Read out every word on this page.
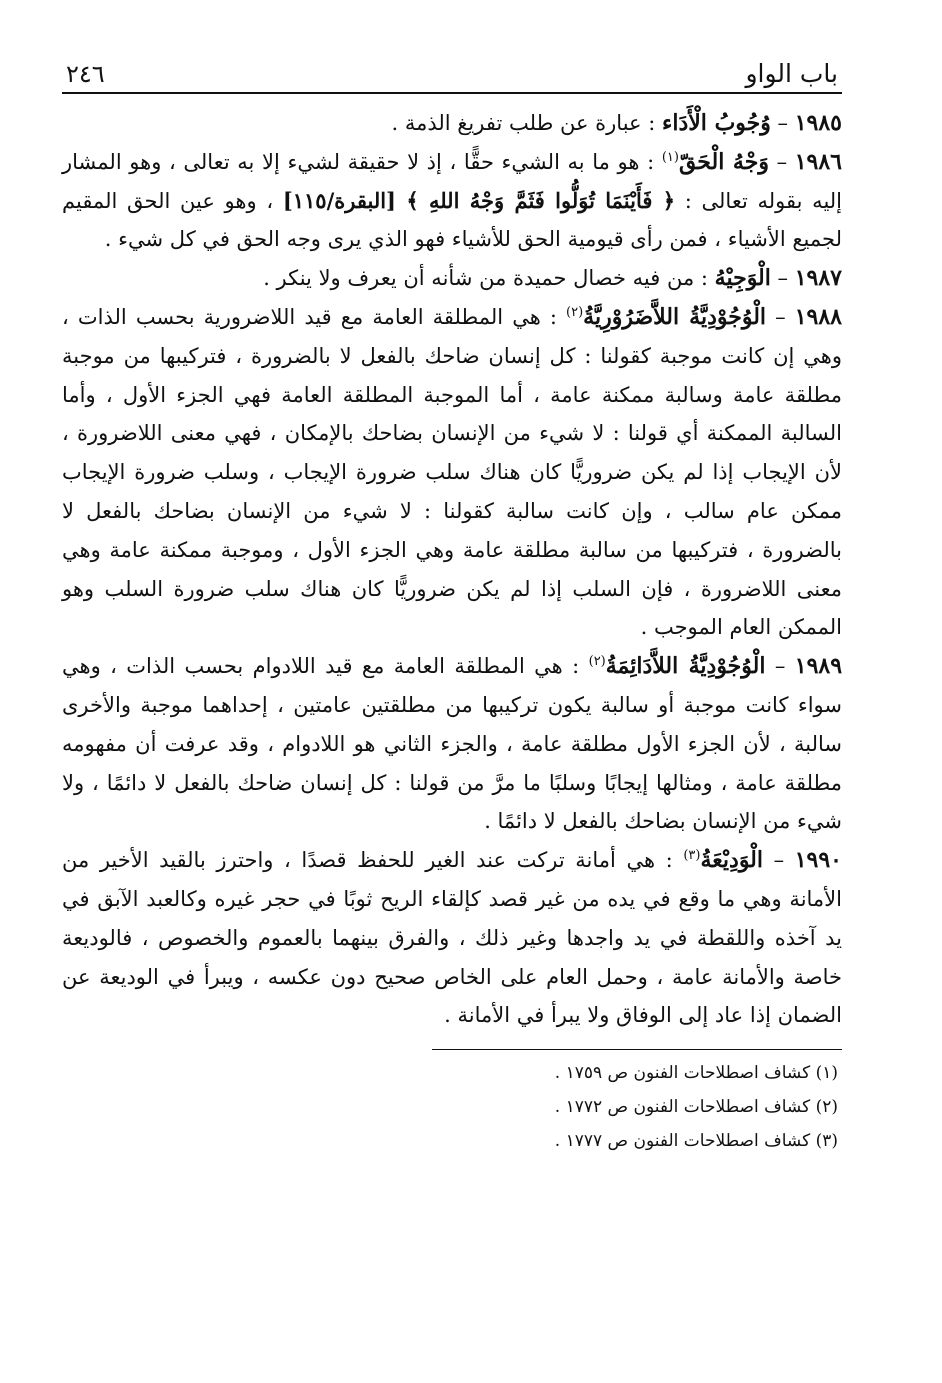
باب الواو
٢٤٦

١٩٨٥ – وُجُوبُ الْأَدَاء : عبارة عن طلب تفريغ الذمة .

١٩٨٦ – وَجْهُ الْحَقّ$^{(١)}$ : هو ما به الشيء حقًّا ، إذ لا حقيقة لشيء إلا به تعالى ، وهو المشار إليه بقوله تعالى : ﴿ فَأَيْنَمَا تُوَلُّوا فَثَمَّ وَجْهُ اللهِ ﴾ [البقرة/١١٥] ، وهو عين الحق المقيم لجميع الأشياء ، فمن رأى قيومية الحق للأشياء فهو الذي يرى وجه الحق في كل شيء .

١٩٨٧ – الْوَجِيْهُ : من فيه خصال حميدة من شأنه أن يعرف ولا ينكر .

١٩٨٨ – الْوُجُوْدِيَّةُ اللاَّضَرُوْرِيَّةُ$^{(٢)}$ : هي المطلقة العامة مع قيد اللاضرورية بحسب الذات ، وهي إن كانت موجبة كقولنا : كل إنسان ضاحك بالفعل لا بالضرورة ، فتركيبها من موجبة مطلقة عامة وسالبة ممكنة عامة ، أما الموجبة المطلقة العامة فهي الجزء الأول ، وأما السالبة الممكنة أي قولنا : لا شيء من الإنسان بضاحك بالإمكان ، فهي معنى اللاضرورة ، لأن الإيجاب إذا لم يكن ضروريًّا كان هناك سلب ضرورة الإيجاب ، وسلب ضرورة الإيجاب ممكن عام سالب ، وإن كانت سالبة كقولنا : لا شيء من الإنسان بضاحك بالفعل لا بالضرورة ، فتركيبها من سالبة مطلقة عامة وهي الجزء الأول ، وموجبة ممكنة عامة وهي معنى اللاضرورة ، فإن السلب إذا لم يكن ضروريًّا كان هناك سلب ضرورة السلب وهو الممكن العام الموجب .

١٩٨٩ – الْوُجُوْدِيَّةُ اللاَّدَائِمَةُ$^{(٢)}$ : هي المطلقة العامة مع قيد اللادوام بحسب الذات ، وهي سواء كانت موجبة أو سالبة يكون تركيبها من مطلقتين عامتين ، إحداهما موجبة والأخرى سالبة ، لأن الجزء الأول مطلقة عامة ، والجزء الثاني هو اللادوام ، وقد عرفت أن مفهومه مطلقة عامة ، ومثالها إيجابًا وسلبًا ما مرَّ من قولنا : كل إنسان ضاحك بالفعل لا دائمًا ، ولا شيء من الإنسان بضاحك بالفعل لا دائمًا .

١٩٩٠ – الْوَدِيْعَةُ$^{(٣)}$ : هي أمانة تركت عند الغير للحفظ قصدًا ، واحترز بالقيد الأخير من الأمانة وهي ما وقع في يده من غير قصد كإلقاء الريح ثوبًا في حجر غيره وكالعبد الآبق في يد آخذه واللقطة في يد واجدها وغير ذلك ، والفرق بينهما بالعموم والخصوص ، فالوديعة خاصة والأمانة عامة ، وحمل العام على الخاص صحيح دون عكسه ، ويبرأ في الوديعة عن الضمان إذا عاد إلى الوفاق ولا يبرأ في الأمانة .

(١) كشاف اصطلاحات الفنون ص ١٧٥٩ .

(٢) كشاف اصطلاحات الفنون ص ١٧٧٢ .

(٣) كشاف اصطلاحات الفنون ص ١٧٧٧ .
